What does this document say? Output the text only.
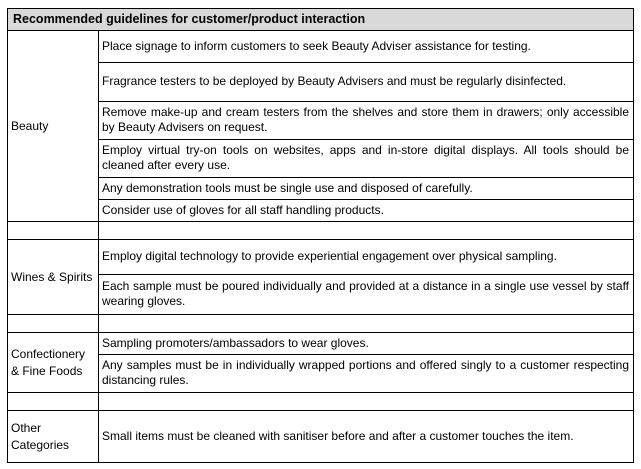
Recommended guidelines for customer/product interaction	
Beauty	Place signage to inform customers to seek Beauty Adviser assistance for testing.
	Fragrance testers to be deployed by Beauty Advisers and must be regularly disinfected.
	Remove make-up and cream testers from the shelves and store them in drawers; only accessible by Beauty Advisers on request.
	Employ virtual try-on tools on websites, apps and in-store digital displays. All tools should be cleaned after every use.
	Any demonstration tools must be single use and disposed of carefully.
	Consider use of gloves for all staff handling products.

Wines & Spirits	Employ digital technology to provide experiential engagement over physical sampling.
	Each sample must be poured individually and provided at a distance in a single use vessel by staff wearing gloves.

Confectionery & Fine Foods	Sampling promoters/ambassadors to wear gloves.
	Any samples must be in individually wrapped portions and offered singly to a customer respecting distancing rules.

Other Categories	Small items must be cleaned with sanitiser before and after a customer touches the item.
